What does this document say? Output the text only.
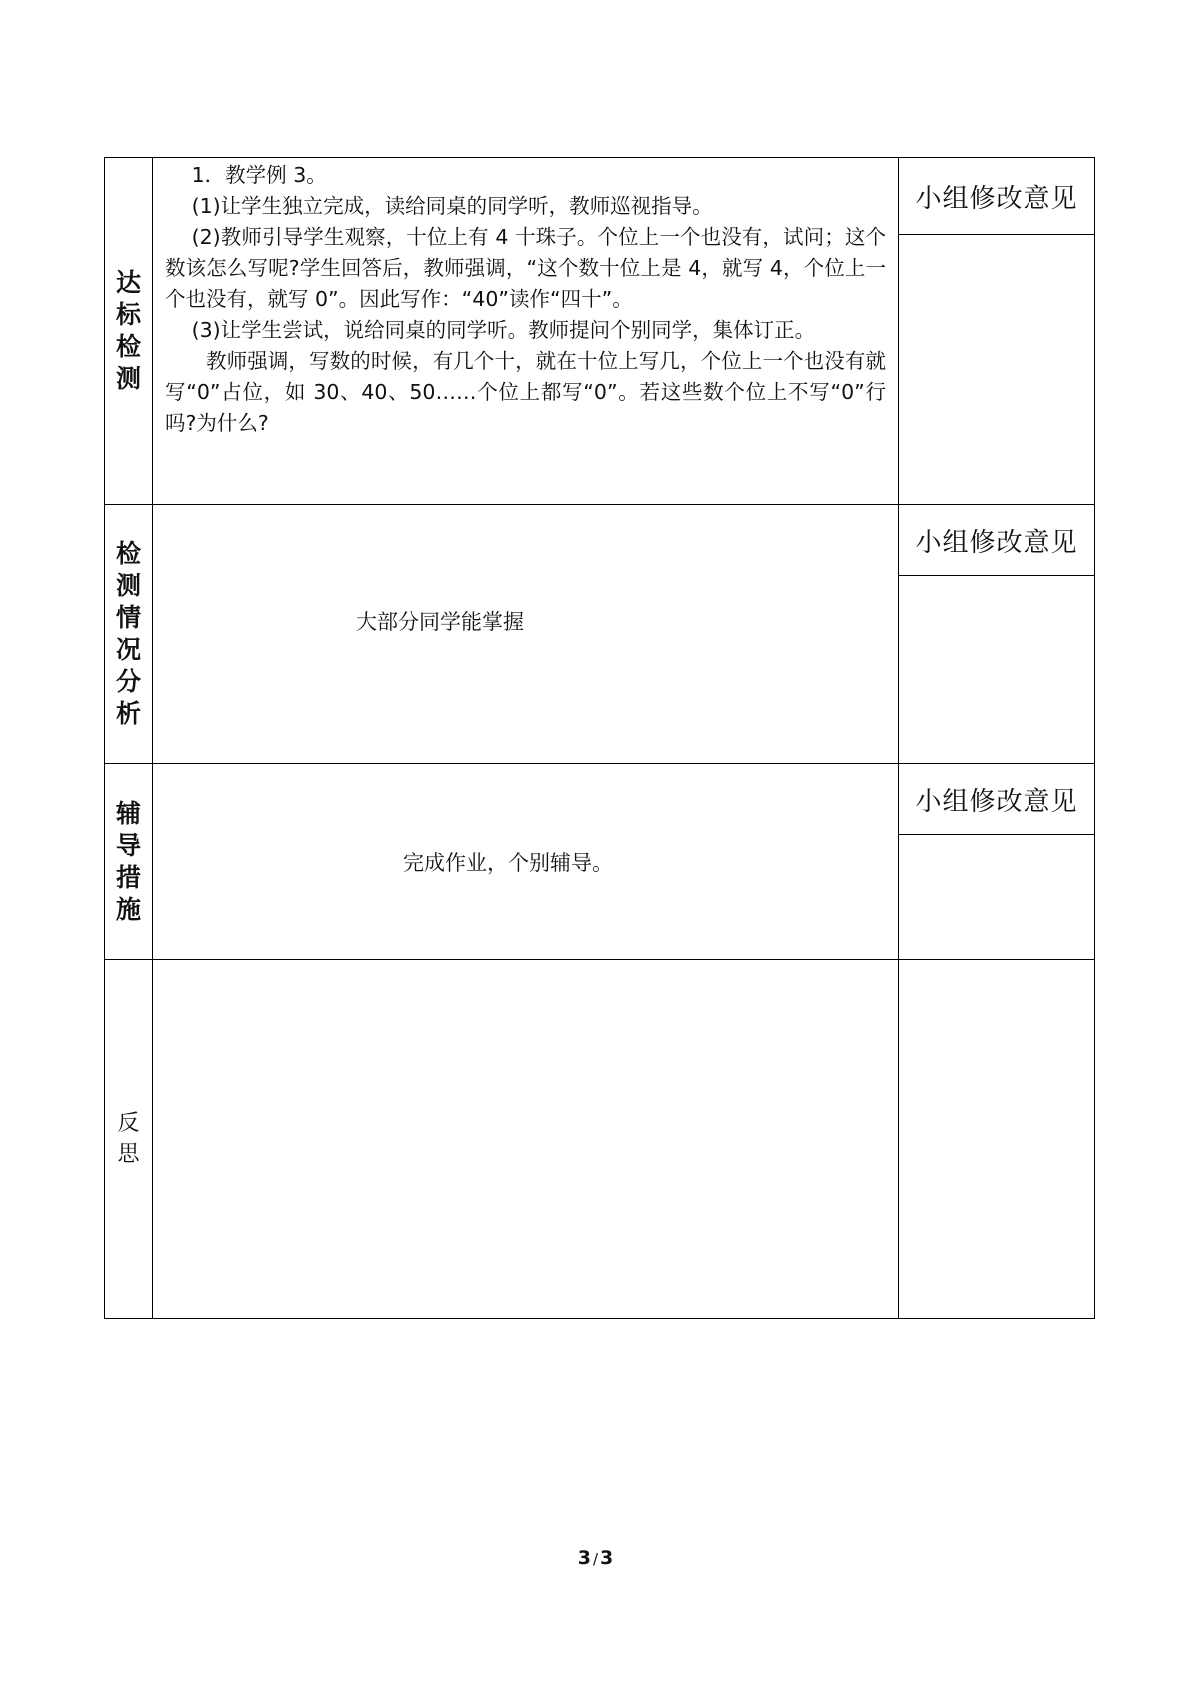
达标检测	1．教学例 3。

(1)让学生独立完成，读给同桌的同学听，教师巡视指导。

(2)教师引导学生观察，十位上有 4 十珠子。个位上一个也没有，试问；这个数该怎么写呢?学生回答后，教师强调，“这个数十位上是 4，就写 4，个位上一个也没有，就写 0”。因此写作：“40”读作“四十”。

(3)让学生尝试，说给同桌的同学听。教师提问个别同学，集体订正。

教师强调，写数的时候，有几个十，就在十位上写几，个位上一个也没有就写“0”占位，如 30、40、50……个位上都写“0”。若这些数个位上不写“0”行吗?为什么?	小组修改意见

检测情况分析	大部分同学能掌握	小组修改意见

辅导措施	完成作业，个别辅导。	小组修改意见

反思		
3 / 3
